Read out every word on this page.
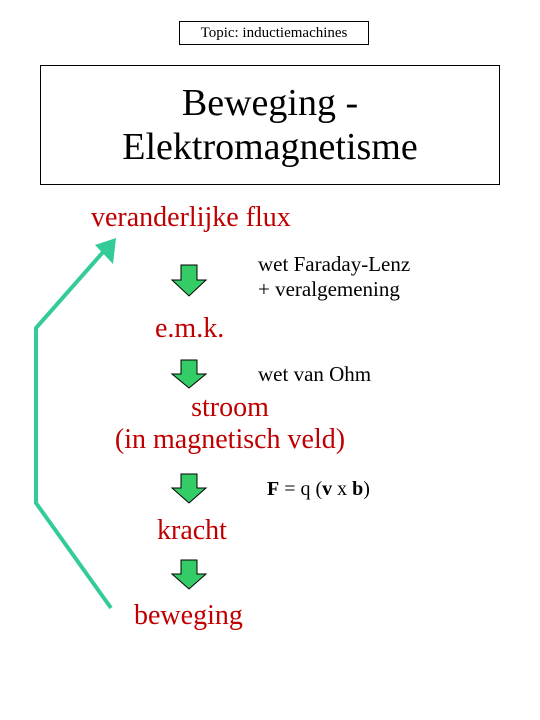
Topic: inductiemachines
Beweging -
Elektromagnetisme
veranderlijke flux
e.m.k.
stroom
(in magnetisch veld)
kracht
beweging
wet Faraday-Lenz
+ veralgemening
wet van Ohm
F = q (v x b)
